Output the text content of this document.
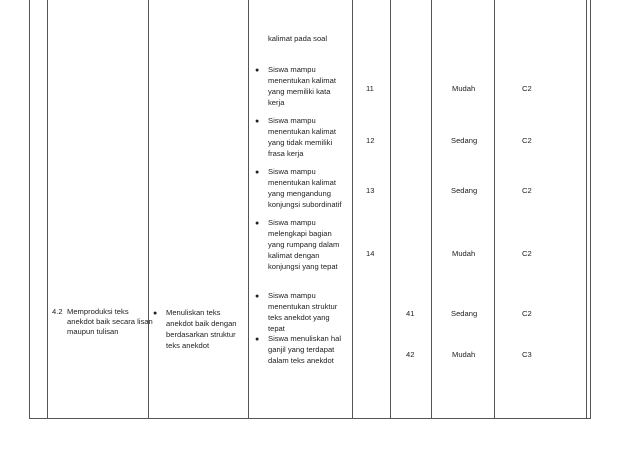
4.2 Memproduksi teks
anekdot baik secara lisan
maupun tulisan
● Menuliskan teks
anekdot baik dengan
berdasarkan struktur
teks anekdot
kalimat pada soal
● Siswa mampu
menentukan kalimat
yang memiliki kata
kerja
● Siswa mampu
menentukan kalimat
yang tidak memiliki
frasa kerja
● Siswa mampu
menentukan kalimat
yang mengandung
konjungsi subordinatif
● Siswa mampu
melengkapi bagian
yang rumpang dalam
kalimat dengan
konjungsi yang tepat
● Siswa mampu
menentukan struktur
teks anekdot yang
tepat
● Siswa menuliskan hal
ganjil yang terdapat
dalam teks anekdot
11
12
13
14
41
42
Mudah
Sedang
Sedang
Mudah
Sedang
Mudah
C2
C2
C2
C2
C2
C3
